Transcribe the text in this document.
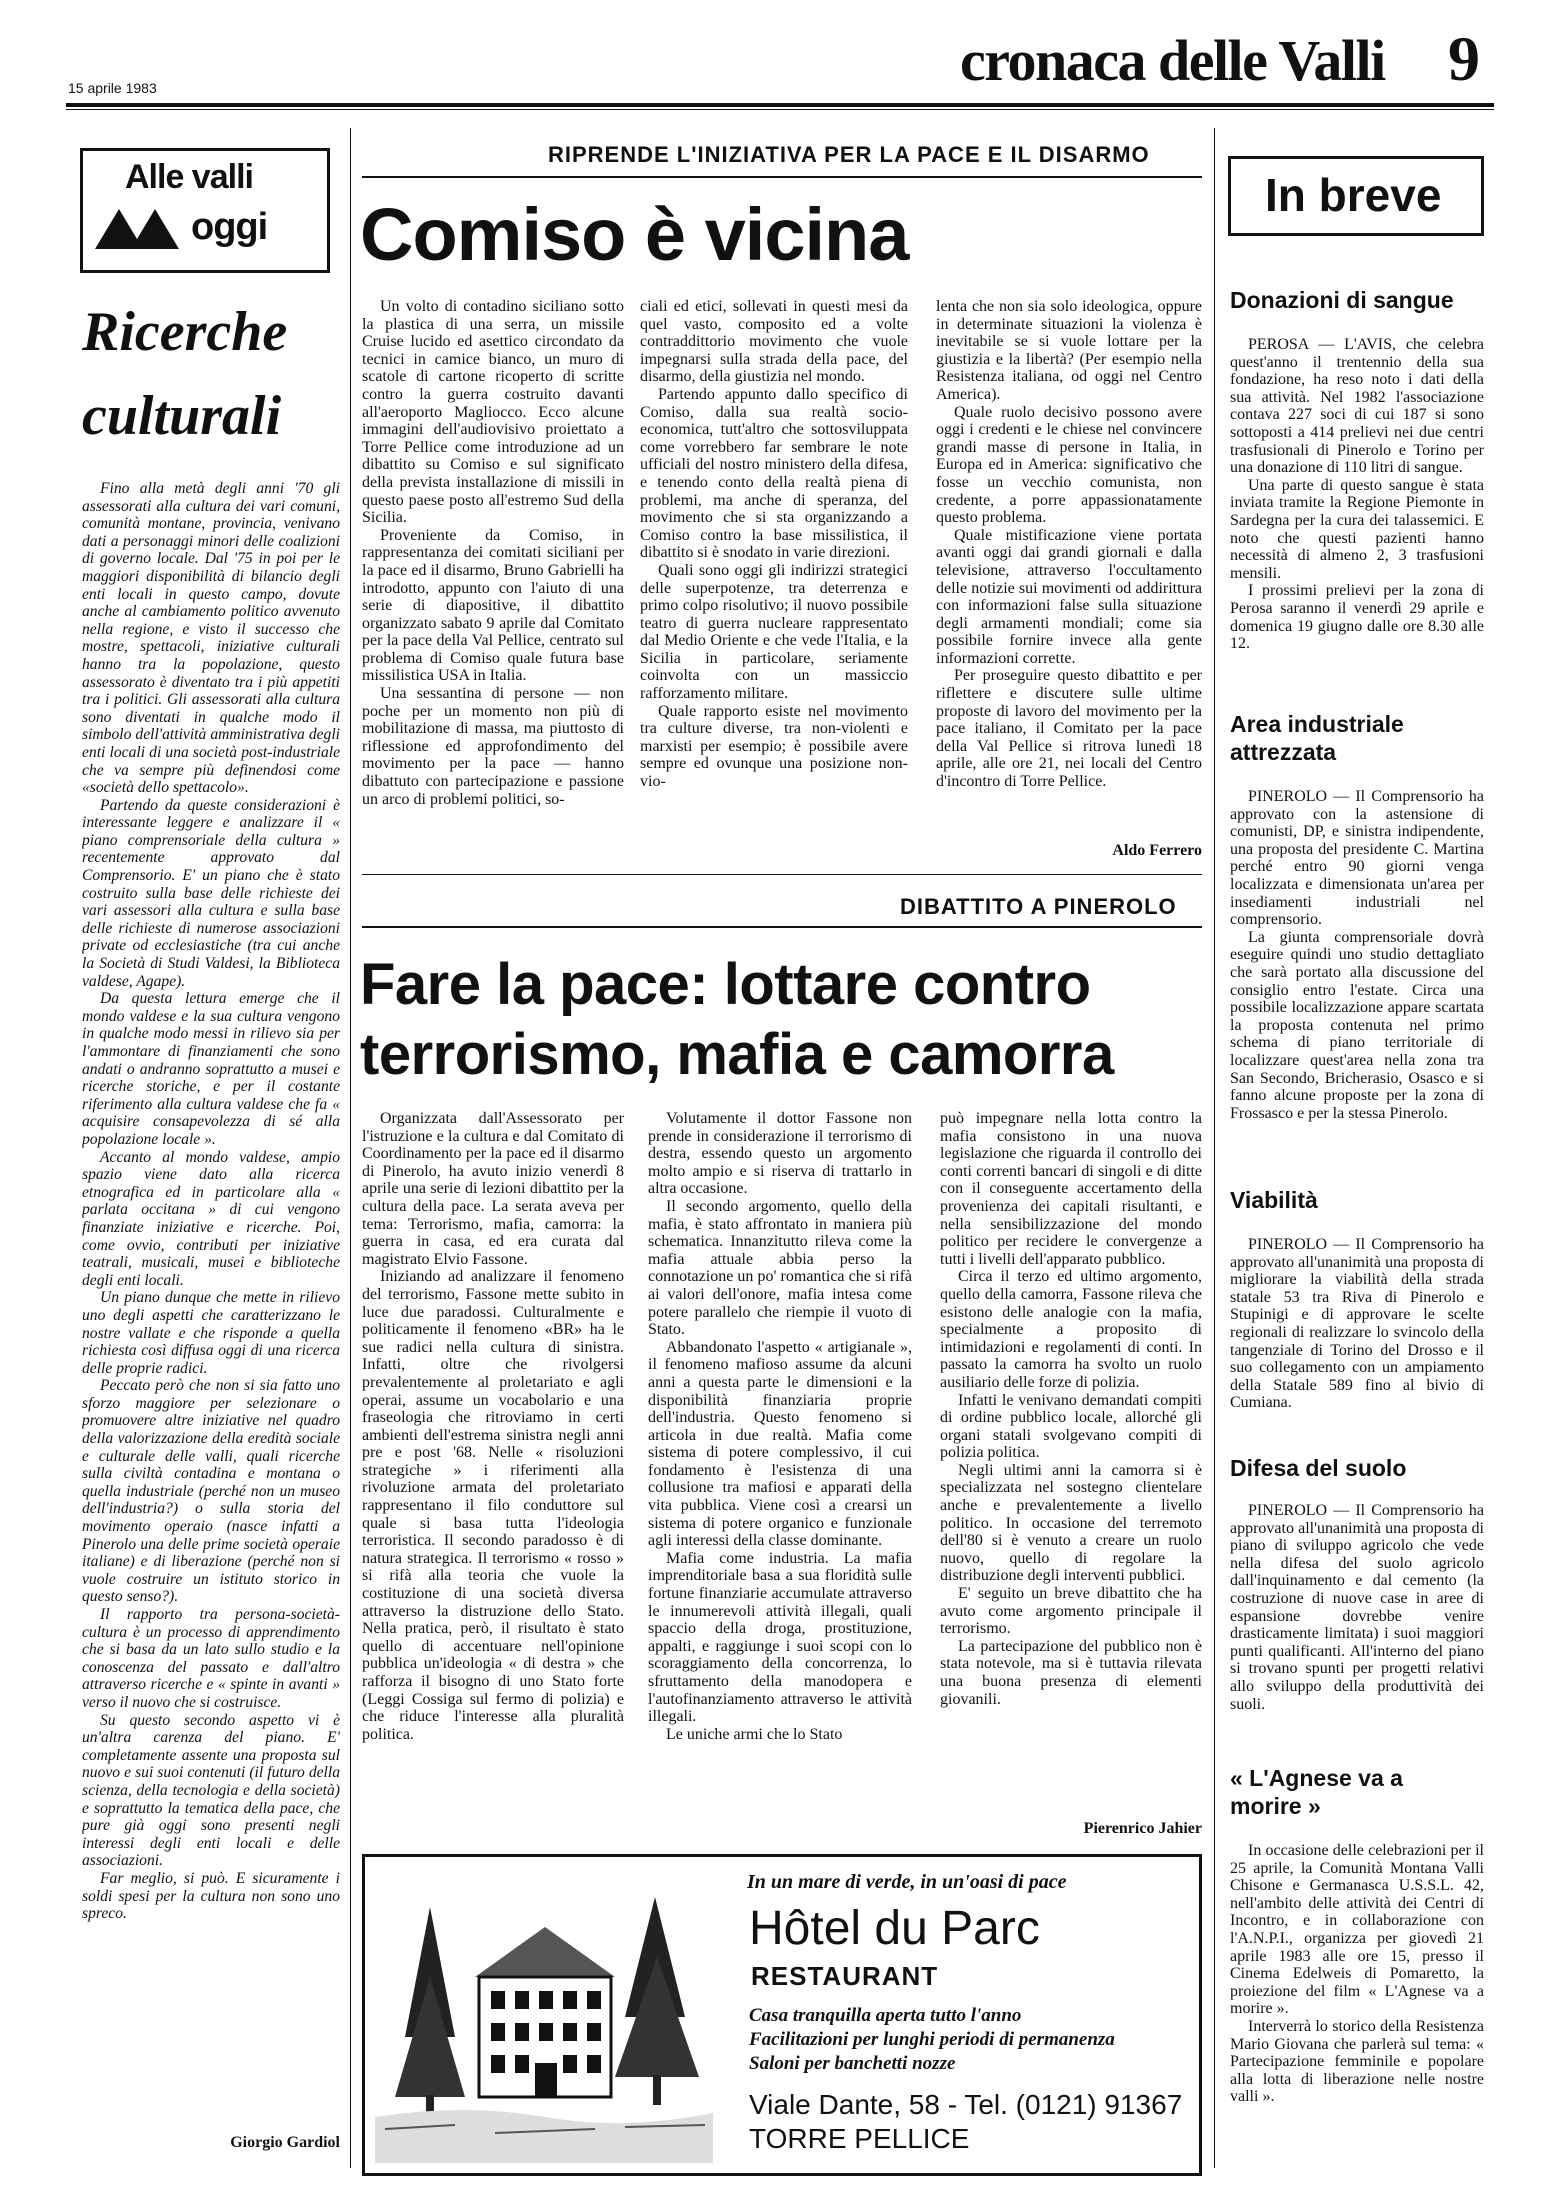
15 aprile 1983	cronaca delle Valli 9
Alle valli
oggi
Ricerche
culturali

Fino alla metà degli anni '70 gli assessorati alla cultura dei vari comuni, comunità montane, provincia, venivano dati a personaggi minori delle coalizioni di governo locale. Dal '75 in poi per le maggiori disponibilità di bilancio degli enti locali in questo campo, dovute anche al cambiamento politico avvenuto nella regione, e visto il successo che mostre, spettacoli, iniziative culturali hanno tra la popolazione, questo assessorato è diventato tra i più appetiti tra i politici. Gli assessorati alla cultura sono diventati in qualche modo il simbolo dell'attività amministrativa degli enti locali di una società post-industriale che va sempre più definendosi come «società dello spettacolo».

Partendo da queste considerazioni è interessante leggere e analizzare il « piano comprensoriale della cultura » recentemente approvato dal Comprensorio. E' un piano che è stato costruito sulla base delle richieste dei vari assessori alla cultura e sulla base delle richieste di numerose associazioni private od ecclesiastiche (tra cui anche la Società di Studi Valdesi, la Biblioteca valdese, Agape).

Da questa lettura emerge che il mondo valdese e la sua cultura vengono in qualche modo messi in rilievo sia per l'ammontare di finanziamenti che sono andati o andranno soprattutto a musei e ricerche storiche, e per il costante riferimento alla cultura valdese che fa « acquisire consapevolezza di sé alla popolazione locale ».

Accanto al mondo valdese, ampio spazio viene dato alla ricerca etnografica ed in particolare alla « parlata occitana » di cui vengono finanziate iniziative e ricerche. Poi, come ovvio, contributi per iniziative teatrali, musicali, musei e biblioteche degli enti locali.

Un piano dunque che mette in rilievo uno degli aspetti che caratterizzano le nostre vallate e che risponde a quella richiesta così diffusa oggi di una ricerca delle proprie radici.

Peccato però che non si sia fatto uno sforzo maggiore per selezionare o promuovere altre iniziative nel quadro della valorizzazione della eredità sociale e culturale delle valli, quali ricerche sulla civiltà contadina e montana o quella industriale (perché non un museo dell'industria?) o sulla storia del movimento operaio (nasce infatti a Pinerolo una delle prime società operaie italiane) e di liberazione (perché non si vuole costruire un istituto storico in questo senso?).

Il rapporto tra persona-società-cultura è un processo di apprendimento che si basa da un lato sullo studio e la conoscenza del passato e dall'altro attraverso ricerche e « spinte in avanti » verso il nuovo che si costruisce.

Su questo secondo aspetto vi è un'altra carenza del piano. E' completamente assente una proposta sul nuovo e sui suoi contenuti (il futuro della scienza, della tecnologia e della società) e soprattutto la tematica della pace, che pure già oggi sono presenti negli interessi degli enti locali e delle associazioni.

Far meglio, si può. E sicuramente i soldi spesi per la cultura non sono uno spreco.

Giorgio Gardiol
RIPRENDE L'INIZIATIVA PER LA PACE E IL DISARMO
Comiso è vicina

Un volto di contadino siciliano sotto la plastica di una serra, un missile Cruise lucido ed asettico circondato da tecnici in camice bianco, un muro di scatole di cartone ricoperto di scritte contro la guerra costruito davanti all'aeroporto Magliocco. Ecco alcune immagini dell'audiovisivo proiettato a Torre Pellice come introduzione ad un dibattito su Comiso e sul significato della prevista installazione di missili in questo paese posto all'estremo Sud della Sicilia.

Proveniente da Comiso, in rappresentanza dei comitati siciliani per la pace ed il disarmo, Bruno Gabrielli ha introdotto, appunto con l'aiuto di una serie di diapositive, il dibattito organizzato sabato 9 aprile dal Comitato per la pace della Val Pellice, centrato sul problema di Comiso quale futura base missilistica USA in Italia.

Una sessantina di persone — non poche per un momento non più di mobilitazione di massa, ma piuttosto di riflessione ed approfondimento del movimento per la pace — hanno dibattuto con partecipazione e passione un arco di problemi politici, so-

ciali ed etici, sollevati in questi mesi da quel vasto, composito ed a volte contraddittorio movimento che vuole impegnarsi sulla strada della pace, del disarmo, della giustizia nel mondo.

Partendo appunto dallo specifico di Comiso, dalla sua realtà socio-economica, tutt'altro che sottosviluppata come vorrebbero far sembrare le note ufficiali del nostro ministero della difesa, e tenendo conto della realtà piena di problemi, ma anche di speranza, del movimento che si sta organizzando a Comiso contro la base missilistica, il dibattito si è snodato in varie direzioni.

Quali sono oggi gli indirizzi strategici delle superpotenze, tra deterrenza e primo colpo risolutivo; il nuovo possibile teatro di guerra nucleare rappresentato dal Medio Oriente e che vede l'Italia, e la Sicilia in particolare, seriamente coinvolta con un massiccio rafforzamento militare.

Quale rapporto esiste nel movimento tra culture diverse, tra non-violenti e marxisti per esempio; è possibile avere sempre ed ovunque una posizione non-vio-

lenta che non sia solo ideologica, oppure in determinate situazioni la violenza è inevitabile se si vuole lottare per la giustizia e la libertà? (Per esempio nella Resistenza italiana, od oggi nel Centro America).

Quale ruolo decisivo possono avere oggi i credenti e le chiese nel convincere grandi masse di persone in Italia, in Europa ed in America: significativo che fosse un vecchio comunista, non credente, a porre appassionatamente questo problema.

Quale mistificazione viene portata avanti oggi dai grandi giornali e dalla televisione, attraverso l'occultamento delle notizie sui movimenti od addirittura con informazioni false sulla situazione degli armamenti mondiali; come sia possibile fornire invece alla gente informazioni corrette.

Per proseguire questo dibattito e per riflettere e discutere sulle ultime proposte di lavoro del movimento per la pace italiano, il Comitato per la pace della Val Pellice si ritrova lunedì 18 aprile, alle ore 21, nei locali del Centro d'incontro di Torre Pellice.

Aldo Ferrero
DIBATTITO A PINEROLO
Fare la pace: lottare contro
terrorismo, mafia e camorra

Organizzata dall'Assessorato per l'istruzione e la cultura e dal Comitato di Coordinamento per la pace ed il disarmo di Pinerolo, ha avuto inizio venerdì 8 aprile una serie di lezioni dibattito per la cultura della pace. La serata aveva per tema: Terrorismo, mafia, camorra: la guerra in casa, ed era curata dal magistrato Elvio Fassone.

Iniziando ad analizzare il fenomeno del terrorismo, Fassone mette subito in luce due paradossi. Culturalmente e politicamente il fenomeno «BR» ha le sue radici nella cultura di sinistra. Infatti, oltre che rivolgersi prevalentemente al proletariato e agli operai, assume un vocabolario e una fraseologia che ritroviamo in certi ambienti dell'estrema sinistra negli anni pre e post '68. Nelle « risoluzioni strategiche » i riferimenti alla rivoluzione armata del proletariato rappresentano il filo conduttore sul quale si basa tutta l'ideologia terroristica. Il secondo paradosso è di natura strategica. Il terrorismo « rosso » si rifà alla teoria che vuole la costituzione di una società diversa attraverso la distruzione dello Stato. Nella pratica, però, il risultato è stato quello di accentuare nell'opinione pubblica un'ideologia « di destra » che rafforza il bisogno di uno Stato forte (Leggi Cossiga sul fermo di polizia) e che riduce l'interesse alla pluralità politica.

Volutamente il dottor Fassone non prende in considerazione il terrorismo di destra, essendo questo un argomento molto ampio e si riserva di trattarlo in altra occasione.

Il secondo argomento, quello della mafia, è stato affrontato in maniera più schematica. Innanzitutto rileva come la mafia attuale abbia perso la connotazione un po' romantica che si rifà ai valori dell'onore, mafia intesa come potere parallelo che riempie il vuoto di Stato.

Abbandonato l'aspetto « artigianale », il fenomeno mafioso assume da alcuni anni a questa parte le dimensioni e la disponibilità finanziaria proprie dell'industria. Questo fenomeno si articola in due realtà. Mafia come sistema di potere complessivo, il cui fondamento è l'esistenza di una collusione tra mafiosi e apparati della vita pubblica. Viene così a crearsi un sistema di potere organico e funzionale agli interessi della classe dominante.

Mafia come industria. La mafia imprenditoriale basa a sua floridità sulle fortune finanziarie accumulate attraverso le innumerevoli attività illegali, quali spaccio della droga, prostituzione, appalti, e raggiunge i suoi scopi con lo scoraggiamento della concorrenza, lo sfruttamento della manodopera e l'autofinanziamento attraverso le attività illegali.

Le uniche armi che lo Stato

può impegnare nella lotta contro la mafia consistono in una nuova legislazione che riguarda il controllo dei conti correnti bancari di singoli e di ditte con il conseguente accertamento della provenienza dei capitali risultanti, e nella sensibilizzazione del mondo politico per recidere le convergenze a tutti i livelli dell'apparato pubblico.

Circa il terzo ed ultimo argomento, quello della camorra, Fassone rileva che esistono delle analogie con la mafia, specialmente a proposito di intimidazioni e regolamenti di conti. In passato la camorra ha svolto un ruolo ausiliario delle forze di polizia.

Infatti le venivano demandati compiti di ordine pubblico locale, allorché gli organi statali svolgevano compiti di polizia politica.

Negli ultimi anni la camorra si è specializzata nel sostegno clientelare anche e prevalentemente a livello politico. In occasione del terremoto dell'80 si è venuto a creare un ruolo nuovo, quello di regolare la distribuzione degli interventi pubblici.

E' seguito un breve dibattito che ha avuto come argomento principale il terrorismo.

La partecipazione del pubblico non è stata notevole, ma si è tuttavia rilevata una buona presenza di elementi giovanili.

Pierenrico Jahier
In un mare di verde, in un'oasi di pace
Hôtel du Parc
RESTAURANT
Casa tranquilla aperta tutto l'anno
Facilitazioni per lunghi periodi di permanenza
Saloni per banchetti nozze
Viale Dante, 58 - Tel. (0121) 91367
TORRE PELLICE
In breve
Donazioni di sangue

PEROSA — L'AVIS, che celebra quest'anno il trentennio della sua fondazione, ha reso noto i dati della sua attività. Nel 1982 l'associazione contava 227 soci di cui 187 si sono sottoposti a 414 prelievi nei due centri trasfusionali di Pinerolo e Torino per una donazione di 110 litri di sangue.

Una parte di questo sangue è stata inviata tramite la Regione Piemonte in Sardegna per la cura dei talassemici. E noto che questi pazienti hanno necessità di almeno 2, 3 trasfusioni mensili.

I prossimi prelievi per la zona di Perosa saranno il venerdì 29 aprile e domenica 19 giugno dalle ore 8.30 alle 12.

Area industriale attrezzata

PINEROLO — Il Comprensorio ha approvato con la astensione di comunisti, DP, e sinistra indipendente, una proposta del presidente C. Martina perché entro 90 giorni venga localizzata e dimensionata un'area per insediamenti industriali nel comprensorio.

La giunta comprensoriale dovrà eseguire quindi uno studio dettagliato che sarà portato alla discussione del consiglio entro l'estate. Circa una possibile localizzazione appare scartata la proposta contenuta nel primo schema di piano territoriale di localizzare quest'area nella zona tra San Secondo, Bricherasio, Osasco e si fanno alcune proposte per la zona di Frossasco e per la stessa Pinerolo.

Viabilità

PINEROLO — Il Comprensorio ha approvato all'unanimità una proposta di migliorare la viabilità della strada statale 53 tra Riva di Pinerolo e Stupinigi e di approvare le scelte regionali di realizzare lo svincolo della tangenziale di Torino del Drosso e il suo collegamento con un ampiamento della Statale 589 fino al bivio di Cumiana.

Difesa del suolo

PINEROLO — Il Comprensorio ha approvato all'unanimità una proposta di piano di sviluppo agricolo che vede nella difesa del suolo agricolo dall'inquinamento e dal cemento (la costruzione di nuove case in aree di espansione dovrebbe venire drasticamente limitata) i suoi maggiori punti qualificanti. All'interno del piano si trovano spunti per progetti relativi allo sviluppo della produttività dei suoli.

« L'Agnese va a morire »

In occasione delle celebrazioni per il 25 aprile, la Comunità Montana Valli Chisone e Germanasca U.S.S.L. 42, nell'ambito delle attività dei Centri di Incontro, e in collaborazione con l'A.N.P.I., organizza per giovedì 21 aprile 1983 alle ore 15, presso il Cinema Edelweis di Pomaretto, la proiezione del film « L'Agnese va a morire ».

Interverrà lo storico della Resistenza Mario Giovana che parlerà sul tema: « Partecipazione femminile e popolare alla lotta di liberazione nelle nostre valli ».
